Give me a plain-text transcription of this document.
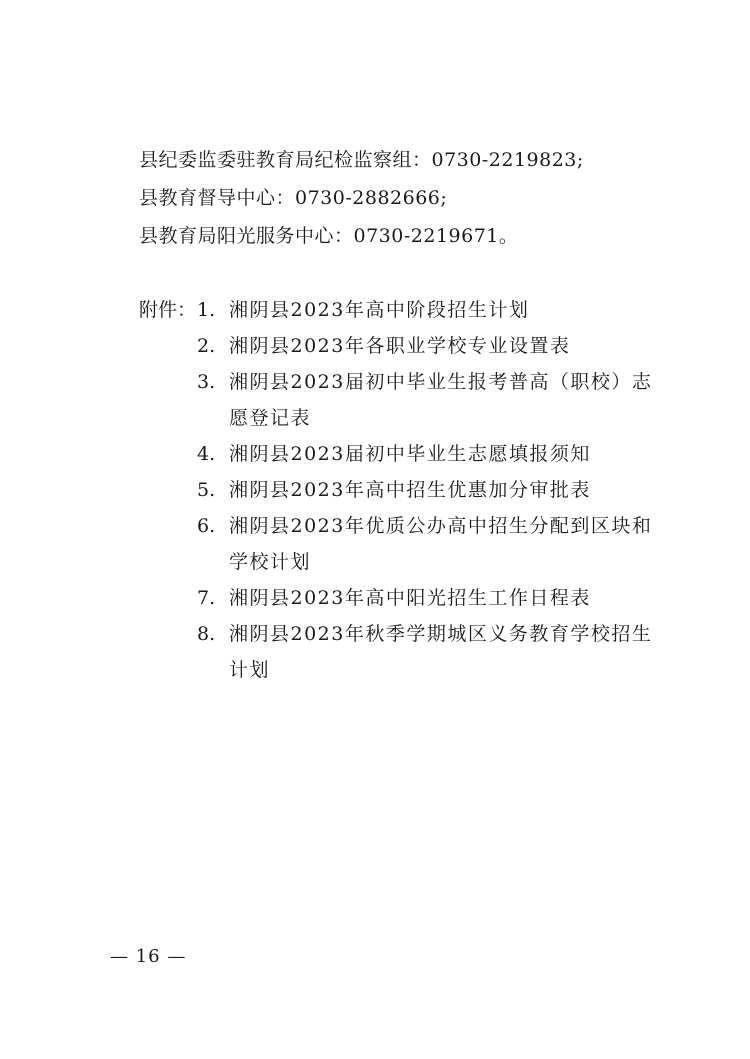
县纪委监委驻教育局纪检监察组：0730-2219823;
县教育督导中心：0730-2882666;
县教育局阳光服务中心：0730-2219671。
附件： 1. 湘阴县2023年高中阶段招生计划
2. 湘阴县2023年各职业学校专业设置表
3. 湘阴县2023届初中毕业生报考普高（职校）志愿登记表
4. 湘阴县2023届初中毕业生志愿填报须知
5. 湘阴县2023年高中招生优惠加分审批表
6. 湘阴县2023年优质公办高中招生分配到区块和学校计划
7. 湘阴县2023年高中阳光招生工作日程表
8. 湘阴县2023年秋季学期城区义务教育学校招生计划
— 16 —
